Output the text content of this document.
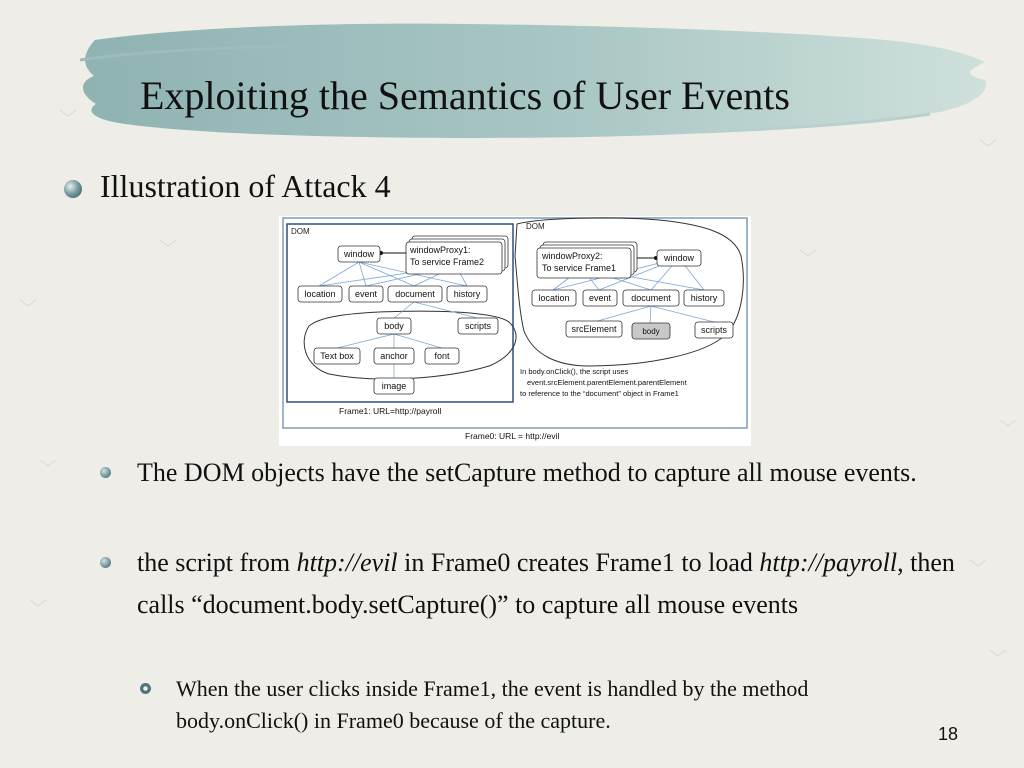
Exploiting the Semantics of User Events
Illustration of Attack 4
DOM
DOM
window	windowProxy1:
To service Frame2
location event document history
body	scripts
Text box	anchor	font
image
windowProxy2:
To service Frame1
window
location event document history
srcElement	body	scripts
In body.onClick(), the script uses
event.srcElement.parentElement.parentElement
to reference to the “document” object in Frame1
Frame1: URL=http://payroll
Frame0: URL = http://evil
The DOM objects have the setCapture method to capture all mouse events.
the script from http://evil in Frame0 creates Frame1 to load http://payroll, then calls “document.body.setCapture()” to capture all mouse events
When the user clicks inside Frame1, the event is handled by the method body.onClick() in Frame0 because of the capture.
18
